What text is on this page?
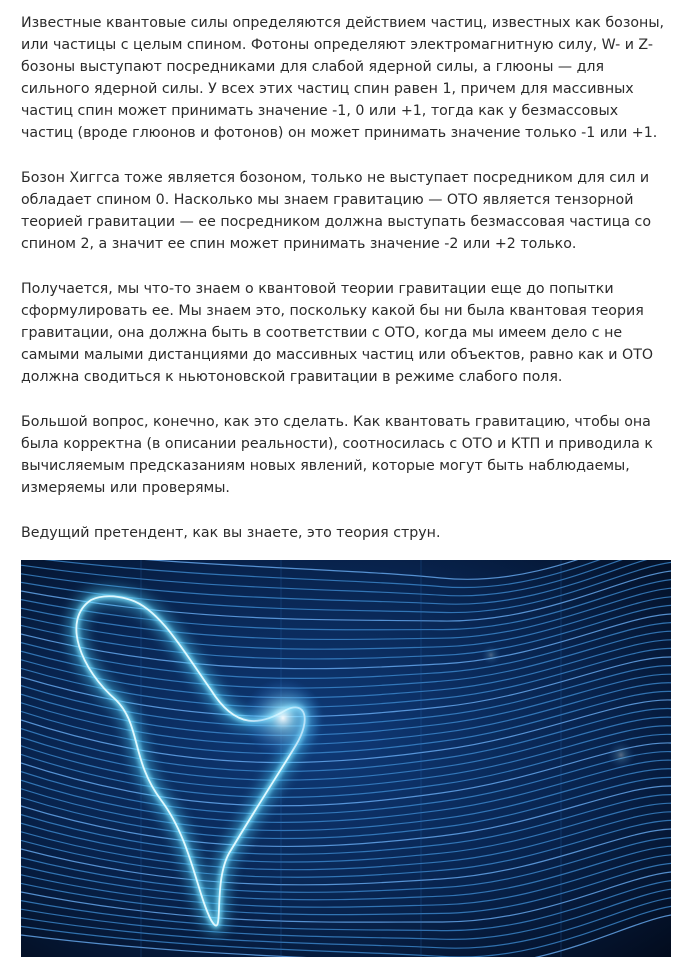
Известные квантовые силы определяются действием частиц, известных как бозоны, или частицы с целым спином. Фотоны определяют электромагнитную силу, W- и Z-бозоны выступают посредниками для слабой ядерной силы, а глюоны — для сильного ядерной силы. У всех этих частиц спин равен 1, причем для массивных частиц спин может принимать значение -1, 0 или +1, тогда как у безмассовых частиц (вроде глюонов и фотонов) он может принимать значение только -1 или +1.

Бозон Хиггса тоже является бозоном, только не выступает посредником для сил и обладает спином 0. Насколько мы знаем гравитацию — ОТО является тензорной теорией гравитации — ее посредником должна выступать безмассовая частица со спином 2, а значит ее спин может принимать значение -2 или +2 только.

Получается, мы что-то знаем о квантовой теории гравитации еще до попытки сформулировать ее. Мы знаем это, поскольку какой бы ни была квантовая теория гравитации, она должна быть в соответствии с ОТО, когда мы имеем дело с не самыми малыми дистанциями до массивных частиц или объектов, равно как и ОТО должна сводиться к ньютоновской гравитации в режиме слабого поля.

Большой вопрос, конечно, как это сделать. Как квантовать гравитацию, чтобы она была корректна (в описании реальности), соотносилась с ОТО и КТП и приводила к вычисляемым предсказаниям новых явлений, которые могут быть наблюдаемы, измеряемы или проверямы.

Ведущий претендент, как вы знаете, это теория струн.
